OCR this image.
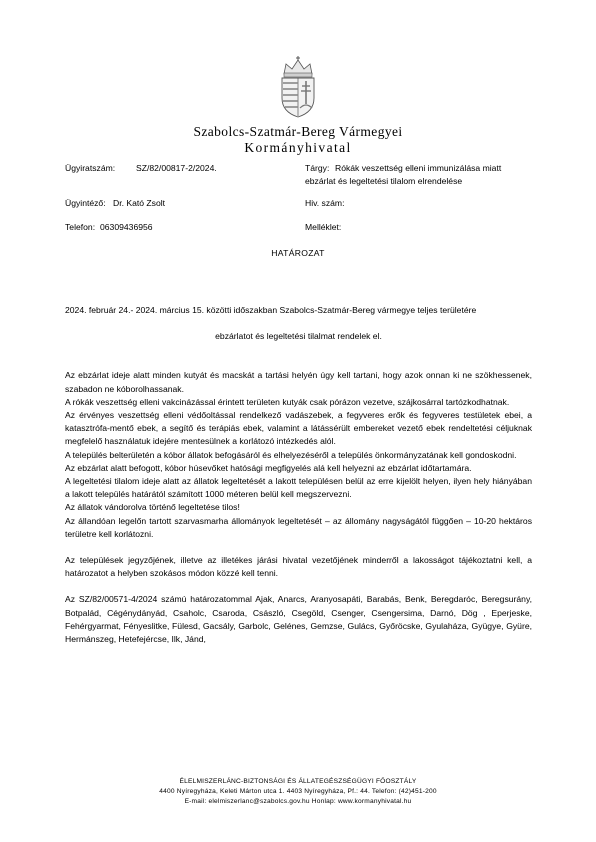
Szabolcs-Szatmár-Bereg Vármegyei
Kormányhivatal
Ügyiratszám: SZ/82/00817-2/2024.	Tárgy: Rókák veszettség elleni immunizálása miatt
ebzárlat és legeltetési tilalom elrendelése
Ügyintéző: Dr. Kató Zsolt	Hiv. szám:
Telefon: 06309436956	Melléklet:
HATÁROZAT

2024. február 24.- 2024. március 15. közötti időszakban Szabolcs-Szatmár-Bereg vármegye teljes területére

ebzárlatot és legeltetési tilalmat rendelek el.

Az ebzárlat ideje alatt minden kutyát és macskát a tartási helyén úgy kell tartani, hogy azok onnan ki ne szökhessenek, szabadon ne kóborolhassanak.

A rókák veszettség elleni vakcinázással érintett területen kutyák csak pórázon vezetve, szájkosárral tartózkodhatnak.

Az érvényes veszettség elleni védőoltással rendelkező vadászebek, a fegyveres erők és fegyveres testületek ebei, a katasztrófa-mentő ebek, a segítő és terápiás ebek, valamint a látássérült embereket vezető ebek rendeltetési céljuknak megfelelő használatuk idejére mentesülnek a korlátozó intézkedés alól.

A település belterületén a kóbor állatok befogásáról és elhelyezéséről a település önkormányzatának kell gondoskodni.

Az ebzárlat alatt befogott, kóbor húsevőket hatósági megfigyelés alá kell helyezni az ebzárlat időtartamára.

A legeltetési tilalom ideje alatt az állatok legeltetését a lakott településen belül az erre kijelölt helyen, ilyen hely hiányában a lakott település határától számított 1000 méteren belül kell megszervezni.

Az állatok vándorolva történő legeltetése tilos!

Az állandóan legelőn tartott szarvasmarha állományok legeltetését – az állomány nagyságától függően – 10-20 hektáros területre kell korlátozni.

Az települések jegyzőjének, illetve az illetékes járási hivatal vezetőjének minderről a lakosságot tájékoztatni kell, a határozatot a helyben szokásos módon közzé kell tenni.

Az SZ/82/00571-4/2024 számú határozatommal Ajak, Anarcs, Aranyosapáti, Barabás, Benk, Beregdaróc, Beregsurány, Botpalád, Cégénydányád, Csaholc, Csaroda, Császló, Csegöld, Csenger, Csengersima, Darnó, Dög , Eperjeske, Fehérgyarmat, Fényeslitke, Fülesd, Gacsály, Garbolc, Gelénes, Gemzse, Gulács, Győröcske, Gyulaháza, Gyügye, Gyüre, Hermánszeg, Hetefejércse, Ilk, Jánd,

ÉLELMISZERLÁNC-BIZTONSÁGI ÉS ÁLLATEGÉSZSÉGÜGYI FŐOSZTÁLY
4400 Nyíregyháza, Keleti Márton utca 1. 4403 Nyíregyháza, Pf.: 44. Telefon: (42)451-200
E-mail: elelmiszerlanc@szabolcs.gov.hu Honlap: www.kormanyhivatal.hu
